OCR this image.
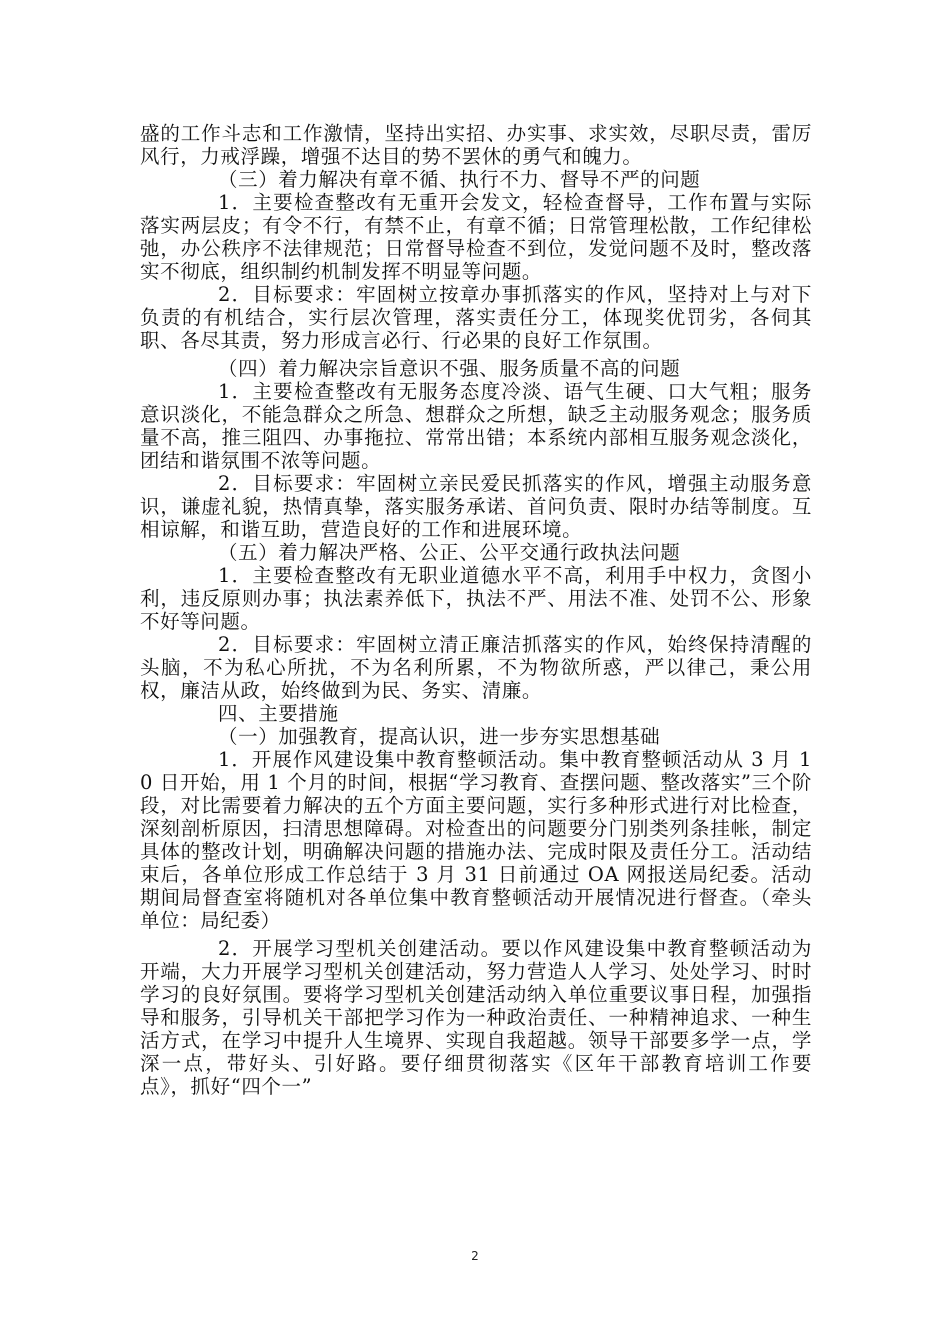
盛的工作斗志和工作激情，坚持出实招、办实事、求实效，尽职尽责，雷厉风行，力戒浮躁，增强不达目的势不罢休的勇气和魄力。

（三）着力解决有章不循、执行不力、督导不严的问题

1．主要检查整改有无重开会发文，轻检查督导，工作布置与实际落实两层皮；有令不行，有禁不止，有章不循；日常管理松散，工作纪律松弛，办公秩序不法律规范；日常督导检查不到位，发觉问题不及时，整改落实不彻底，组织制约机制发挥不明显等问题。

2．目标要求：牢固树立按章办事抓落实的作风，坚持对上与对下负责的有机结合，实行层次管理，落实责任分工，体现奖优罚劣，各伺其职、各尽其责，努力形成言必行、行必果的良好工作氛围。

（四）着力解决宗旨意识不强、服务质量不高的问题

1．主要检查整改有无服务态度冷淡、语气生硬、口大气粗；服务意识淡化，不能急群众之所急、想群众之所想，缺乏主动服务观念；服务质量不高，推三阻四、办事拖拉、常常出错；本系统内部相互服务观念淡化，团结和谐氛围不浓等问题。

2．目标要求：牢固树立亲民爱民抓落实的作风，增强主动服务意识，谦虚礼貌，热情真挚，落实服务承诺、首问负责、限时办结等制度。互相谅解，和谐互助，营造良好的工作和进展环境。

（五）着力解决严格、公正、公平交通行政执法问题

1．主要检查整改有无职业道德水平不高，利用手中权力，贪图小利，违反原则办事；执法素养低下，执法不严、用法不准、处罚不公、形象不好等问题。

2．目标要求：牢固树立清正廉洁抓落实的作风，始终保持清醒的头脑，不为私心所扰，不为名利所累，不为物欲所惑，严以律己，秉公用权，廉洁从政，始终做到为民、务实、清廉。

四、主要措施

（一）加强教育，提高认识，进一步夯实思想基础

1．开展作风建设集中教育整顿活动。集中教育整顿活动从 3 月 10 日开始，用 1 个月的时间，根据“学习教育、查摆问题、整改落实”三个阶段，对比需要着力解决的五个方面主要问题，实行多种形式进行对比检查，深刻剖析原因，扫清思想障碍。对检查出的问题要分门别类列条挂帐，制定具体的整改计划，明确解决问题的措施办法、完成时限及责任分工。活动结束后，各单位形成工作总结于 3 月 31 日前通过 OA 网报送局纪委。活动期间局督查室将随机对各单位集中教育整顿活动开展情况进行督查。（牵头单位：局纪委）

2．开展学习型机关创建活动。要以作风建设集中教育整顿活动为开端，大力开展学习型机关创建活动，努力营造人人学习、处处学习、时时学习的良好氛围。要将学习型机关创建活动纳入单位重要议事日程，加强指导和服务，引导机关干部把学习作为一种政治责任、一种精神追求、一种生活方式，在学习中提升人生境界、实现自我超越。领导干部要多学一点，学深一点，带好头、引好路。要仔细贯彻落实《区年干部教育培训工作要点》，抓好“四个一”

2
